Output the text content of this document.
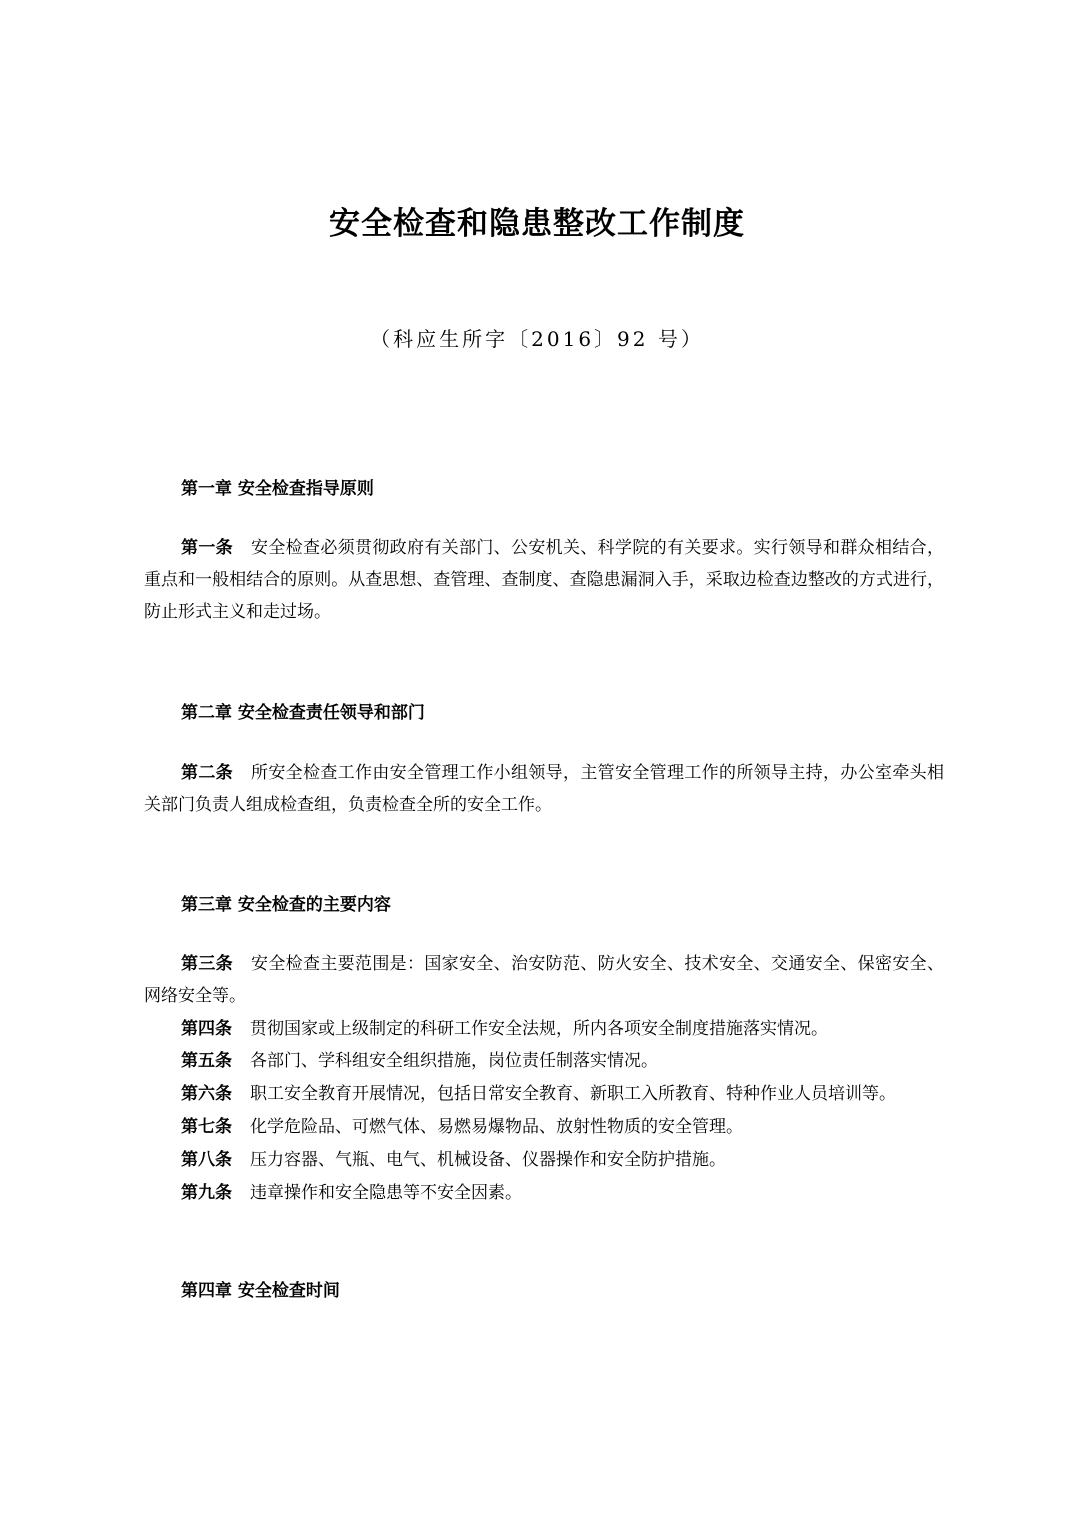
安全检查和隐患整改工作制度

（科应生所字〔2016〕92 号）

第一章 安全检查指导原则

第一条 安全检查必须贯彻政府有关部门、公安机关、科学院的有关要求。实行领导和群众相结合，重点和一般相结合的原则。从查思想、查管理、查制度、查隐患漏洞入手，采取边检查边整改的方式进行，防止形式主义和走过场。

第二章 安全检查责任领导和部门

第二条 所安全检查工作由安全管理工作小组领导，主管安全管理工作的所领导主持，办公室牵头相关部门负责人组成检查组，负责检查全所的安全工作。

第三章 安全检查的主要内容

第三条 安全检查主要范围是：国家安全、治安防范、防火安全、技术安全、交通安全、保密安全、网络安全等。

第四条 贯彻国家或上级制定的科研工作安全法规，所内各项安全制度措施落实情况。

第五条 各部门、学科组安全组织措施，岗位责任制落实情况。

第六条 职工安全教育开展情况，包括日常安全教育、新职工入所教育、特种作业人员培训等。

第七条 化学危险品、可燃气体、易燃易爆物品、放射性物质的安全管理。

第八条 压力容器、气瓶、电气、机械设备、仪器操作和安全防护措施。

第九条 违章操作和安全隐患等不安全因素。

第四章 安全检查时间
